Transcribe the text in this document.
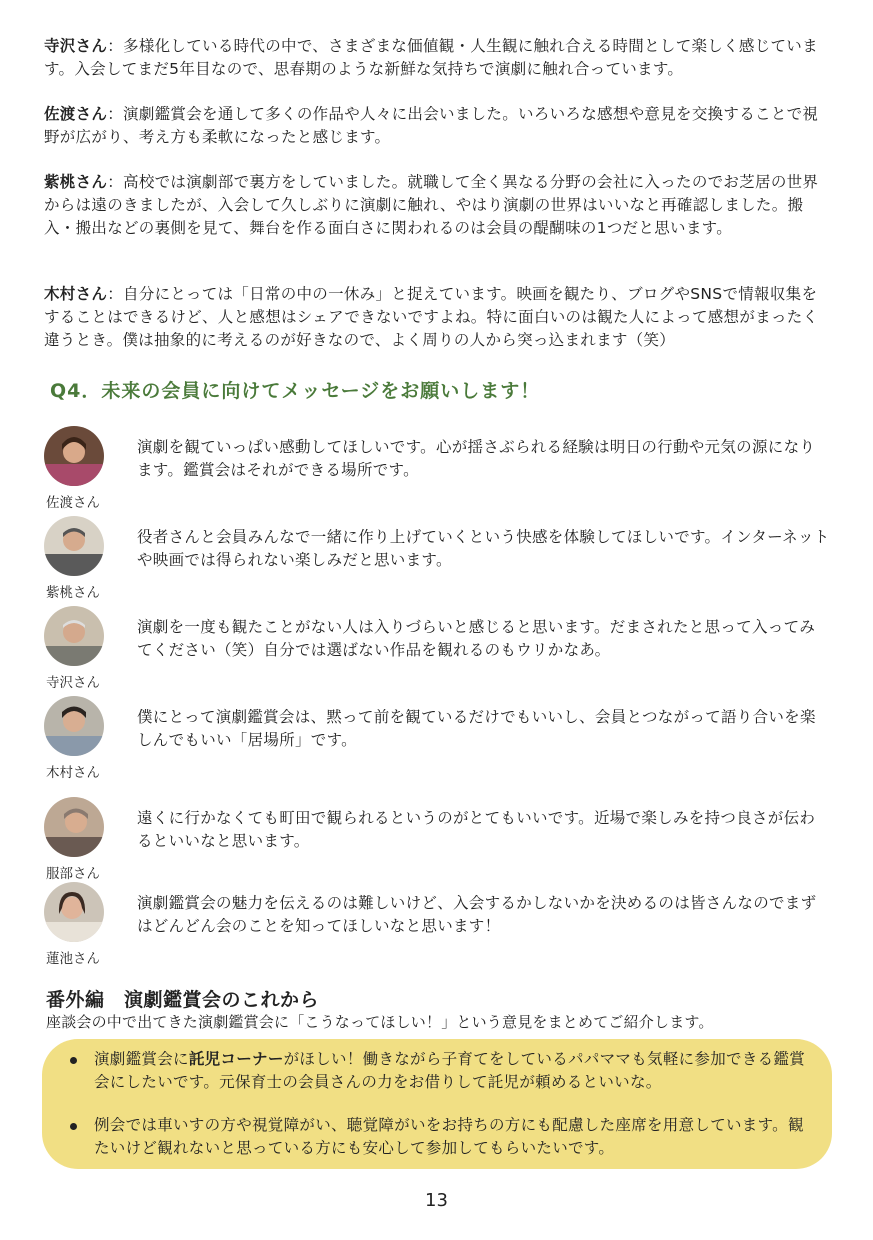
寺沢さん：多様化している時代の中で、さまざまな価値観・人生観に触れ合える時間として楽しく感じています。入会してまだ5年目なので、思春期のような新鮮な気持ちで演劇に触れ合っています。
佐渡さん：演劇鑑賞会を通して多くの作品や人々に出会いました。いろいろな感想や意見を交換することで視野が広がり、考え方も柔軟になったと感じます。
紫桃さん：高校では演劇部で裏方をしていました。就職して全く異なる分野の会社に入ったのでお芝居の世界からは遠のきましたが、入会して久しぶりに演劇に触れ、やはり演劇の世界はいいなと再確認しました。搬入・搬出などの裏側を見て、舞台を作る面白さに関われるのは会員の醍醐味の1つだと思います。
木村さん：自分にとっては「日常の中の一休み」と捉えています。映画を観たり、ブログやSNSで情報収集をすることはできるけど、人と感想はシェアできないですよね。特に面白いのは観た人によって感想がまったく違うとき。僕は抽象的に考えるのが好きなので、よく周りの人から突っ込まれます（笑）
Q4．未来の会員に向けてメッセージをお願いします！
佐渡さん
演劇を観ていっぱい感動してほしいです。心が揺さぶられる経験は明日の行動や元気の源になります。鑑賞会はそれができる場所です。
紫桃さん
役者さんと会員みんなで一緒に作り上げていくという快感を体験してほしいです。インターネットや映画では得られない楽しみだと思います。
寺沢さん
演劇を一度も観たことがない人は入りづらいと感じると思います。だまされたと思って入ってみてください（笑）自分では選ばない作品を観れるのもウリかなあ。
木村さん
僕にとって演劇鑑賞会は、黙って前を観ているだけでもいいし、会員とつながって語り合いを楽しんでもいい「居場所」です。
服部さん
遠くに行かなくても町田で観られるというのがとてもいいです。近場で楽しみを持つ良さが伝わるといいなと思います。
蓮池さん
演劇鑑賞会の魅力を伝えるのは難しいけど、入会するかしないかを決めるのは皆さんなのでまずはどんどん会のことを知ってほしいなと思います！
番外編　演劇鑑賞会のこれから
座談会の中で出てきた演劇鑑賞会に「こうなってほしい！」という意見をまとめてご紹介します。
演劇鑑賞会に託児コーナーがほしい！働きながら子育てをしているパパママも気軽に参加できる鑑賞会にしたいです。元保育士の会員さんの力をお借りして託児が頼めるといいな。
例会では車いすの方や視覚障がい、聴覚障がいをお持ちの方にも配慮した座席を用意しています。観たいけど観れないと思っている方にも安心して参加してもらいたいです。
13
